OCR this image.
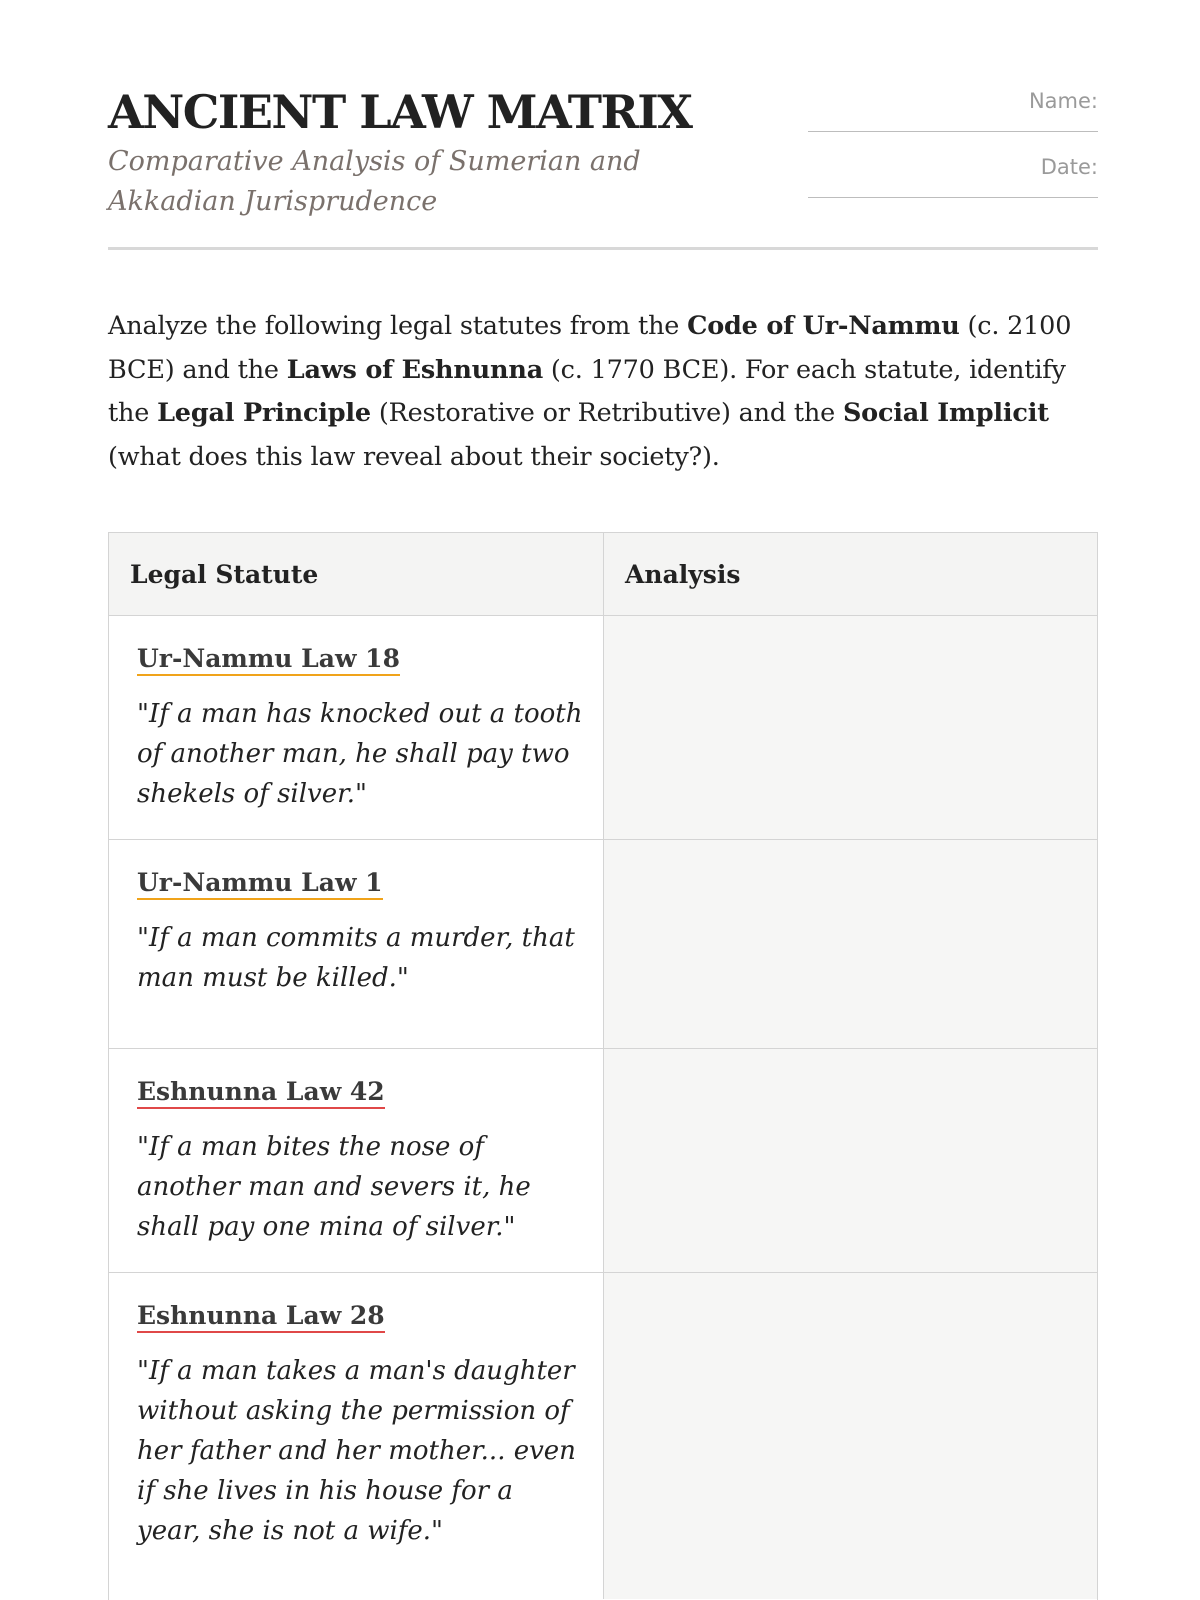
ANCIENT LAW MATRIX
Comparative Analysis of Sumerian and Akkadian Jurisprudence
Name:
Date:

Analyze the following legal statutes from the Code of Ur-Nammu (c. 2100 BCE) and the Laws of Eshnunna (c. 1770 BCE). For each statute, identify the Legal Principle (Restorative or Retributive) and the Social Implicit (what does this law reveal about their society?).

Legal Statute	Analysis
Ur-Nammu Law 18
"If a man has knocked out a tooth of another man, he shall pay two shekels of silver."
Ur-Nammu Law 1
"If a man commits a murder, that man must be killed."
Eshnunna Law 42
"If a man bites the nose of another man and severs it, he shall pay one mina of silver."
Eshnunna Law 28
"If a man takes a man's daughter without asking the permission of her father and her mother... even if she lives in his house for a year, she is not a wife."
